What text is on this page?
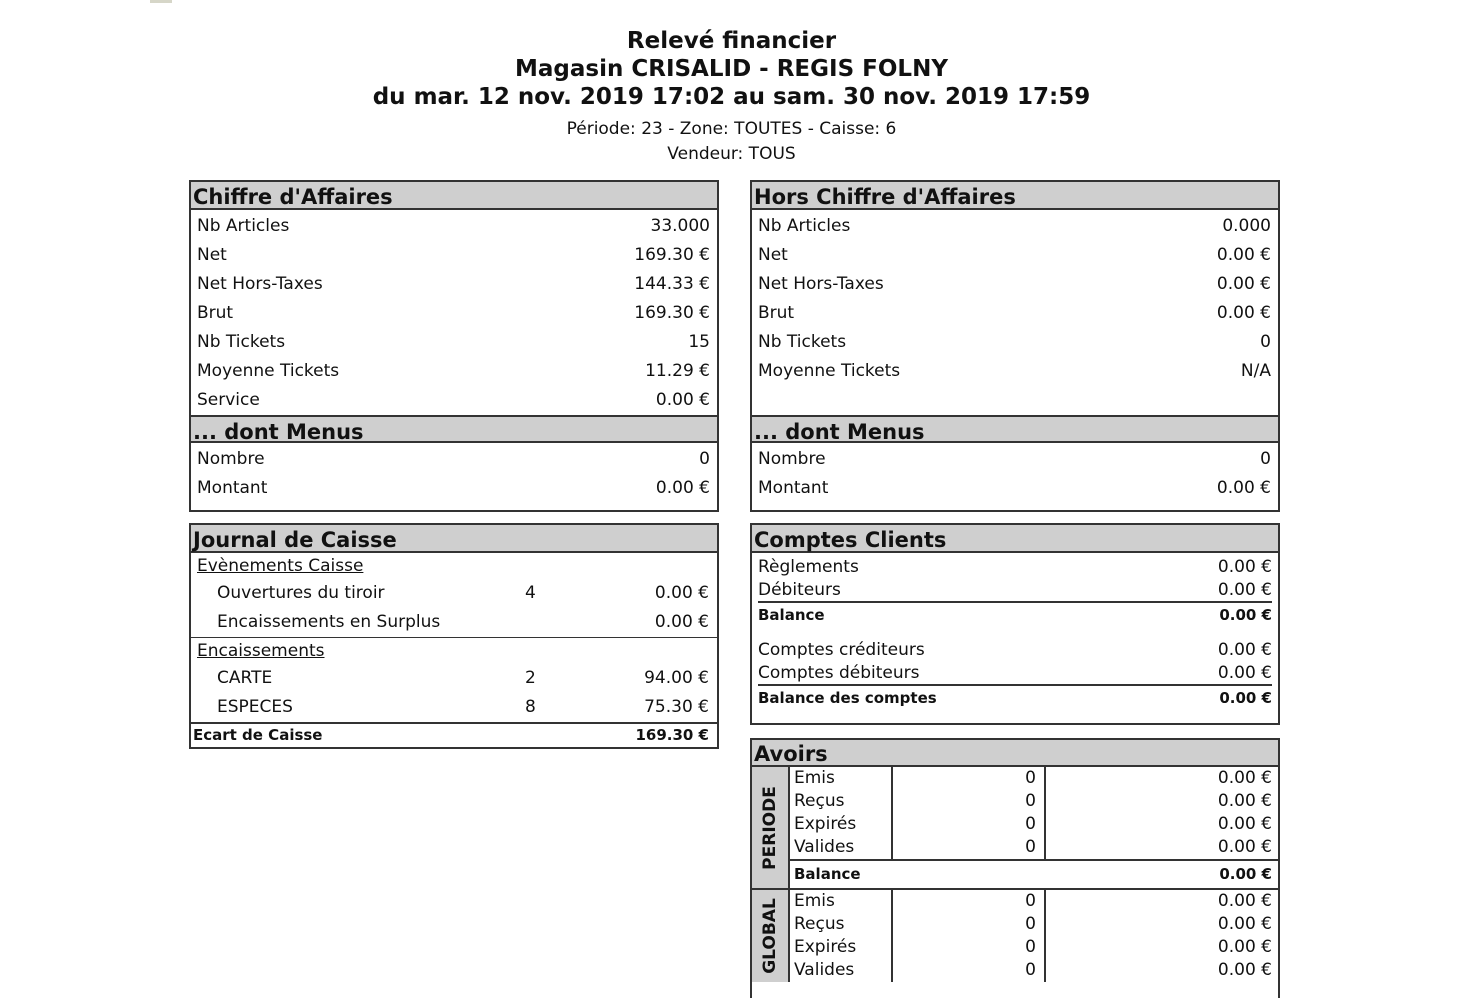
Relevé financier
Magasin CRISALID - REGIS FOLNY
du mar. 12 nov. 2019 17:02 au sam. 30 nov. 2019 17:59
Période: 23 - Zone: TOUTES - Caisse: 6
Vendeur: TOUS
Chiffre d'Affaires
Nb Articles	33.000
Net	169.30 €
Net Hors-Taxes	144.33 €
Brut	169.30 €
Nb Tickets	15
Moyenne Tickets	11.29 €
Service	0.00 €
... dont Menus
Nombre	0
Montant	0.00 €
Hors Chiffre d'Affaires
Nb Articles	0.000
Net	0.00 €
Net Hors-Taxes	0.00 €
Brut	0.00 €
Nb Tickets	0
Moyenne Tickets	N/A
... dont Menus
Nombre	0
Montant	0.00 €
Journal de Caisse
Evènements Caisse
Ouvertures du tiroir	4	0.00 €
Encaissements en Surplus	0.00 €
Encaissements
CARTE	2	94.00 €
ESPECES	8	75.30 €
Ecart de Caisse	169.30 €
Comptes Clients
Règlements	0.00 €
Débiteurs	0.00 €
Balance	0.00 €
Comptes créditeurs	0.00 €
Comptes débiteurs	0.00 €
Balance des comptes	0.00 €
Avoirs
PERIODE
Emis	0	0.00 €
Reçus	0	0.00 €
Expirés	0	0.00 €
Valides	0	0.00 €
Balance	0.00 €
GLOBAL Emis	0	0.00 €
Reçus	0	0.00 €
Expirés	0	0.00 €
Valides	0	0.00 €
